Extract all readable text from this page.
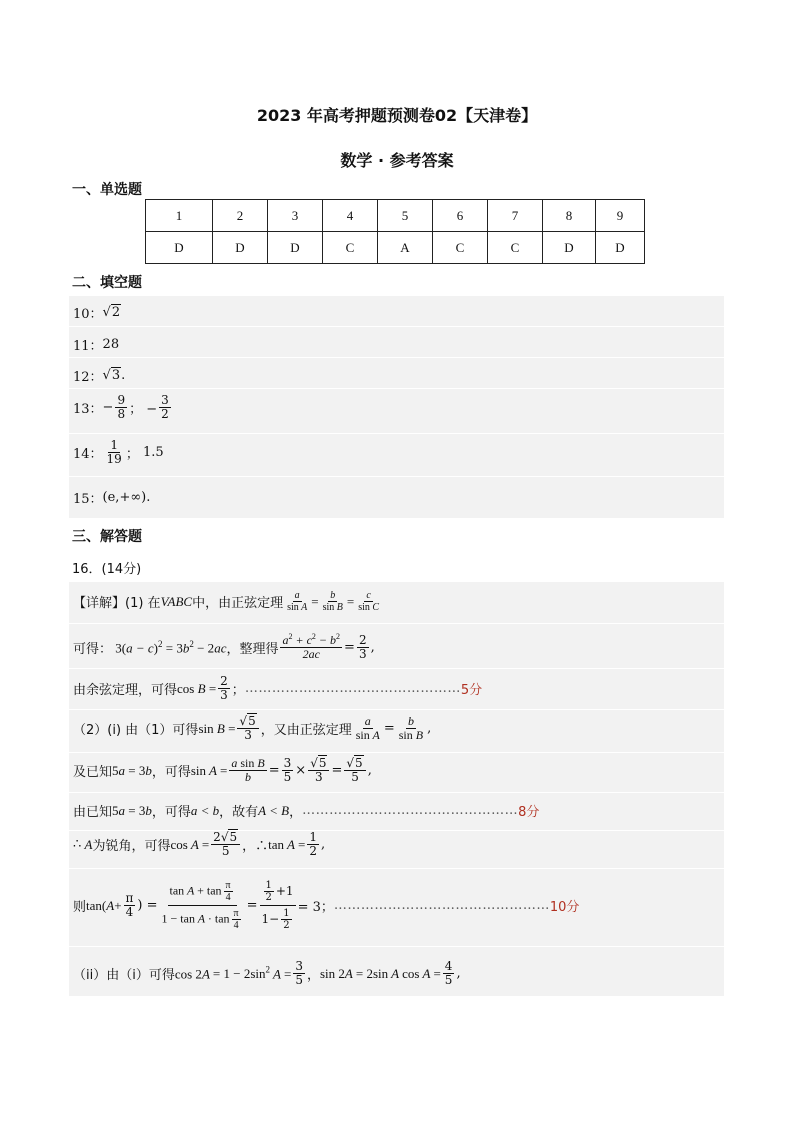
2023 年高考押题预测卷02【天津卷】
数学 · 参考答案
一、单选题
1	2	3	4	5	6	7	8	9
D	D	D	C	A	C	C	D	D
二、填空题
10： √2
11： 28
12： √3 .
13： − $\frac{9}{8}$ ； − $\frac{3}{2}$
14： $\frac{1}{19}$ ； 1.5
15： (e,+∞).
三、解答题
16．(14分)
【详解】(1) 在 VABC 中，由正弦定理 $\frac{a}{\text{sin A}} = \frac{b}{\text{sin B}} = \frac{c}{\text{sin C}}$
可得： $3(a - c)^2 = 3b^2 - 2ac$ ，整理得 $\frac{a^2 + c^2 - b^2}{2ac} = \frac{2}{3}$ ,
由余弦定理，可得 $\cos B = \frac{2}{3}$ ； ………………………………………… 5分
（2）(i) 由（1）可得 $\sin B = \frac{√5}{3}$ ，又由正弦定理 $\frac{a}{\text{sin A}} = \frac{b}{\text{sin B}}$ ,
及已知 5a = 3b ，可得 $\sin A = \frac{\text{a sin B}}{b} = \frac{3}{5} \times \frac{√5}{3} = \frac{√5}{5}$ ,
由已知 5a = 3b ，可得 a < b ，故有 A < B ， ………………………………………… 8分
∴ A 为锐角，可得 $\cos A = \frac{2√5}{5}$ ，∴ $\tan A = \frac{1}{2}$ ,
则 $\tan(A+ \frac{\pi}{4}$ ) = $\frac{\tan A + \tan \frac{\pi}{4}}{1 - \tan A \cdot \tan \frac{\pi}{4}} = \frac{\frac{1}{2} +1}{1- \frac{1}{2}} = 3$； ………………………………………… 10分
（ii）由（i）可得 $\cos 2A = 1 - 2\sin^2$ $A = \frac{3}{5}$ ， sin 2A = 2sin A $\cos A = \frac{4}{5}$ ,
